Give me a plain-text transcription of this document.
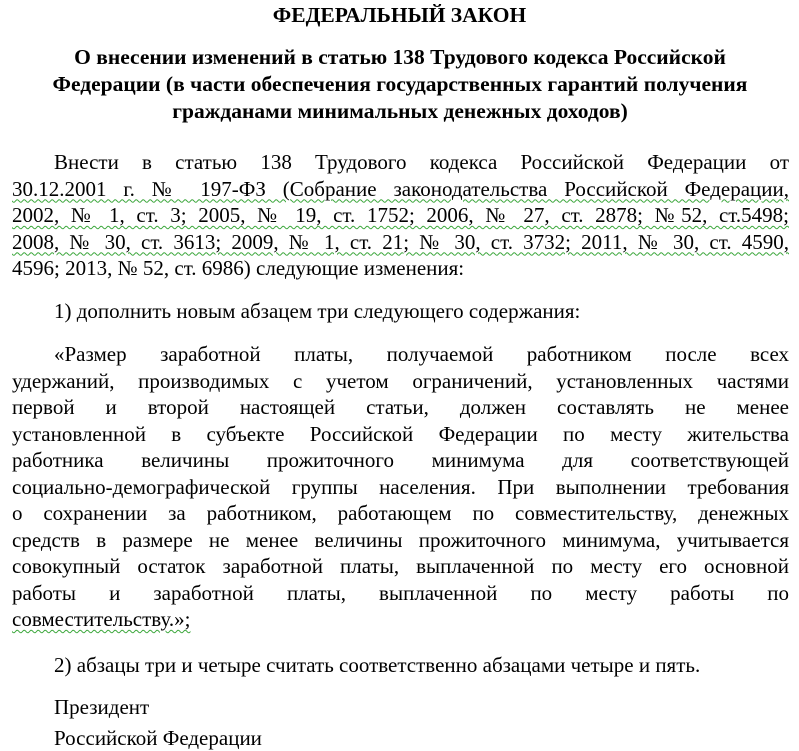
ФЕДЕРАЛЬНЫЙ ЗАКОН
О внесении изменений в статью 138 Трудового кодекса Российской
Федерации (в части обеспечения государственных гарантий получения
гражданами минимальных денежных доходов)
Внести в статью 138 Трудового кодекса Российской Федерации от
30.12.2001 г. № 197-ФЗ (Собрание законодательства Российской Федерации,
2002, № 1, ст. 3; 2005, № 19, ст. 1752; 2006, № 27, ст. 2878; №52, ст.5498;
2008, № 30, ст. 3613; 2009, № 1, ст. 21; № 30, ст. 3732; 2011, № 30, ст. 4590,
4596; 2013, № 52, ст. 6986) следующие изменения:

1) дополнить новым абзацем три следующего содержания:

«Размер заработной платы, получаемой работником после всех
удержаний, производимых с учетом ограничений, установленных частями
первой и второй настоящей статьи, должен составлять не менее
установленной в субъекте Российской Федерации по месту жительства
работника величины прожиточного минимума для соответствующей
социально-демографической группы населения. При выполнении требования
о сохранении за работником, работающем по совместительству, денежных
средств в размере не менее величины прожиточного минимума, учитывается
совокупный остаток заработной платы, выплаченной по месту его основной
работы и заработной платы, выплаченной по месту работы по
совместительству.»;

2) абзацы три и четыре считать соответственно абзацами четыре и пять.

Президент

Российской Федерации
